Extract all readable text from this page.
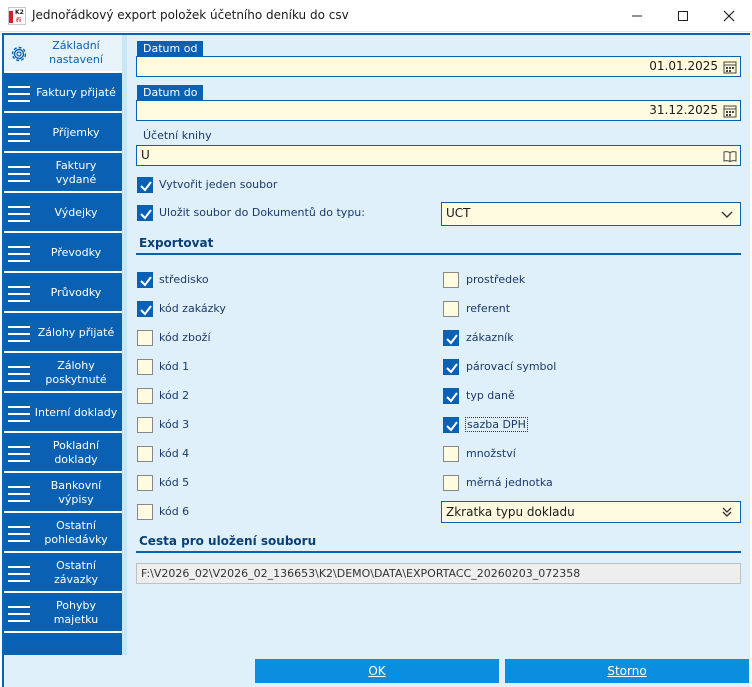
K2
ři Jednořádkový export položek účetního deníku do csv
Základní nastavení
Faktury přijaté
Příjemky
Faktury vydané
Výdejky
Převodky
Průvodky
Zálohy přijaté
Zálohy poskytnuté
Interní doklady
Pokladní doklady
Bankovní výpisy
Ostatní pohledávky
Ostatní závazky
Pohyby majetku
Datum od
01.01.2025
Datum do
31.12.2025
Účetní knihy
U
Vytvořit jeden soubor
Uložit soubor do Dokumentů do typu:	UCT
Exportovat
středisko
kód zakázky
kód zboží
kód 1
kód 2
kód 3
kód 4
kód 5
kód 6
prostředek
referent
zákazník
párovací symbol
typ daně
sazba DPH
množství
měrná jednotka
Zkratka typu dokladu
Cesta pro uložení souboru
F:\V2026_02\V2026_02_136653\K2\DEMO\DATA\EXPORTACC_20260203_072358
OK	Storno
